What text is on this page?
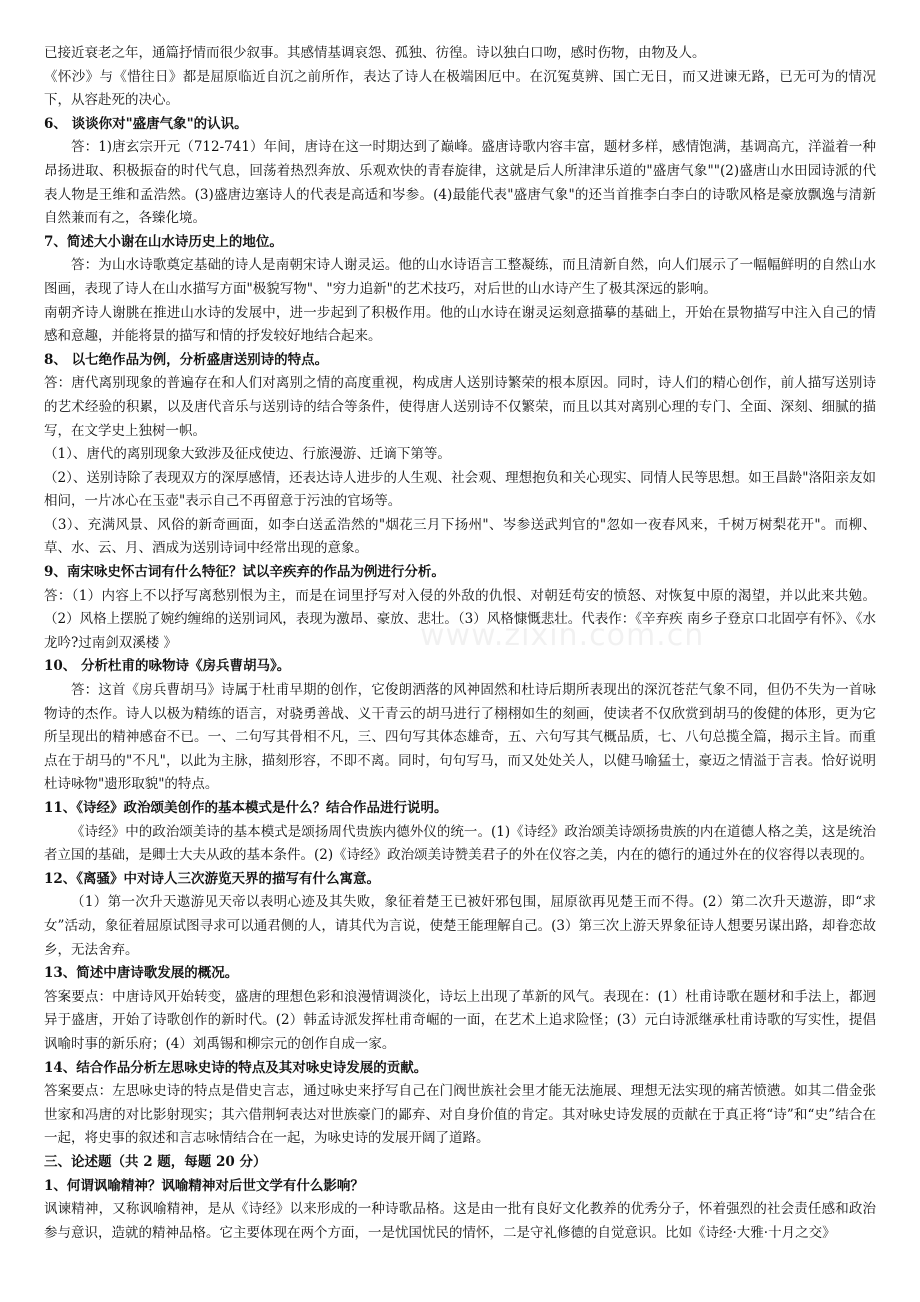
www.zixin.com.cn

已接近衰老之年，通篇抒情而很少叙事。其感情基调哀怨、孤独、彷徨。诗以独白口吻，感时伤物，由物及人。

《怀沙》与《惜往日》都是屈原临近自沉之前所作，表达了诗人在极端困厄中。在沉冤莫辨、国亡无日，而又进谏无路，已无可为的情况下，从容赴死的决心。

6、 谈谈你对"盛唐气象"的认识。

答：1)唐玄宗开元（712-741）年间，唐诗在这一时期达到了巅峰。盛唐诗歌内容丰富，题材多样，感情饱满，基调高亢，洋溢着一种昂扬进取、积极振奋的时代气息，回荡着热烈奔放、乐观欢快的青春旋律，这就是后人所津津乐道的"盛唐气象""(2)盛唐山水田园诗派的代表人物是王维和孟浩然。(3)盛唐边塞诗人的代表是高适和岑参。(4)最能代表"盛唐气象"的还当首推李白李白的诗歌风格是豪放飘逸与清新自然兼而有之，各臻化境。

7、简述大小谢在山水诗历史上的地位。

答：为山水诗歌奠定基础的诗人是南朝宋诗人谢灵运。他的山水诗语言工整凝练，而且清新自然，向人们展示了一幅幅鲜明的自然山水图画，表现了诗人在山水描写方面"极貌写物"、"穷力追新"的艺术技巧，对后世的山水诗产生了极其深远的影响。

南朝齐诗人谢朓在推进山水诗的发展中，进一步起到了积极作用。他的山水诗在谢灵运刻意描摹的基础上，开始在景物描写中注入自己的情感和意趣，并能将景的描写和情的抒发较好地结合起来。

8、 以七绝作品为例，分析盛唐送别诗的特点。

答：唐代离别现象的普遍存在和人们对离别之情的高度重视，构成唐人送别诗繁荣的根本原因。同时，诗人们的精心创作，前人描写送别诗的艺术经验的积累，以及唐代音乐与送别诗的结合等条件，使得唐人送别诗不仅繁荣，而且以其对离别心理的专门、全面、深刻、细腻的描写，在文学史上独树一帜。

（1）、唐代的离别现象大致涉及征戍使边、行旅漫游、迁谪下第等。

（2）、送别诗除了表现双方的深厚感情，还表达诗人进步的人生观、社会观、理想抱负和关心现实、同情人民等思想。如王昌龄"洛阳亲友如相问，一片冰心在玉壶"表示自己不再留意于污浊的官场等。

（3）、充满风景、风俗的新奇画面，如李白送孟浩然的"烟花三月下扬州"、岑参送武判官的"忽如一夜春风来，千树万树梨花开"。而柳、草、水、云、月、酒成为送别诗词中经常出现的意象。

9、南宋咏史怀古词有什么特征？试以辛疾弃的作品为例进行分析。

答：（1）内容上不以抒写离愁别恨为主，而是在词里抒写对入侵的外敌的仇恨、对朝廷苟安的愤怒、对恢复中原的渴望，并以此来共勉。（2）风格上摆脱了婉约缠绵的送别词风，表现为激昂、豪放、悲壮。（3）风格慷慨悲壮。代表作：《辛弃疾 南乡子登京口北固亭有怀》、《水龙吟?过南剑双溪楼 》

10、 分析杜甫的咏物诗《房兵曹胡马》。

答：这首《房兵曹胡马》诗属于杜甫早期的创作，它俊朗洒落的风神固然和杜诗后期所表现出的深沉苍茫气象不同，但仍不失为一首咏物诗的杰作。诗人以极为精练的语言，对骁勇善战、义干青云的胡马进行了栩栩如生的刻画，使读者不仅欣赏到胡马的俊健的体形，更为它所呈现出的精神感奋不已。一、二句写其骨相不凡，三、四句写其体态雄奇，五、六句写其气概品质，七、八句总揽全篇，揭示主旨。而重点在于胡马的"不凡"，以此为主脉，描刻形容，不即不离。同时，句句写马，而又处处关人，以健马喻猛士，豪迈之情溢于言表。恰好说明杜诗咏物"遗形取貌"的特点。

11、《诗经》政治颂美创作的基本模式是什么？结合作品进行说明。

《诗经》中的政治颂美诗的基本模式是颂扬周代贵族内德外仪的统一。(1)《诗经》政治颂美诗颂扬贵族的内在道德人格之美，这是统治者立国的基础，是卿士大夫从政的基本条件。(2)《诗经》政治颂美诗赞美君子的外在仪容之美，内在的德行的通过外在的仪容得以表现的。

12、《离骚》中对诗人三次游览天界的描写有什么寓意。

（1）第一次升天遨游见天帝以表明心迹及其失败，象征着楚王已被奸邪包围，屈原欲再见楚王而不得。(2）第二次升天遨游，即“求女”活动，象征着屈原试图寻求可以通君侧的人，请其代为言说，使楚王能理解自己。(3）第三次上游天界象征诗人想要另谋出路，却眷恋故乡，无法舍弃。

13、简述中唐诗歌发展的概况。

答案要点：中唐诗风开始转变，盛唐的理想色彩和浪漫情调淡化，诗坛上出现了革新的风气。表现在：(1）杜甫诗歌在题材和手法上，都迥异于盛唐，开始了诗歌创作的新时代。(2）韩孟诗派发挥杜甫奇崛的一面，在艺术上追求险怪；(3）元白诗派继承杜甫诗歌的写实性，提倡讽喻时事的新乐府；(4）刘禹锡和柳宗元的创作自成一家。

14、结合作品分析左思咏史诗的特点及其对咏史诗发展的贡献。

答案要点：左思咏史诗的特点是借史言志，通过咏史来抒写自己在门阀世族社会里才能无法施展、理想无法实现的痛苦愤懑。如其二借金张世家和冯唐的对比影射现实；其六借荆轲表达对世族豪门的鄙弃、对自身价值的肯定。其对咏史诗发展的贡献在于真正将“诗”和“史”结合在一起，将史事的叙述和言志咏情结合在一起，为咏史诗的发展开阔了道路。

三、论述题（共 2 题，每题 20 分）

1、何谓讽喻精神？讽喻精神对后世文学有什么影响？

讽谏精神，又称讽喻精神，是从《诗经》以来形成的一种诗歌品格。这是由一批有良好文化教养的优秀分子，怀着强烈的社会责任感和政治参与意识，造就的精神品格。它主要体现在两个方面，一是忧国忧民的情怀，二是守礼修德的自觉意识。比如《诗经·大雅·十月之交》
